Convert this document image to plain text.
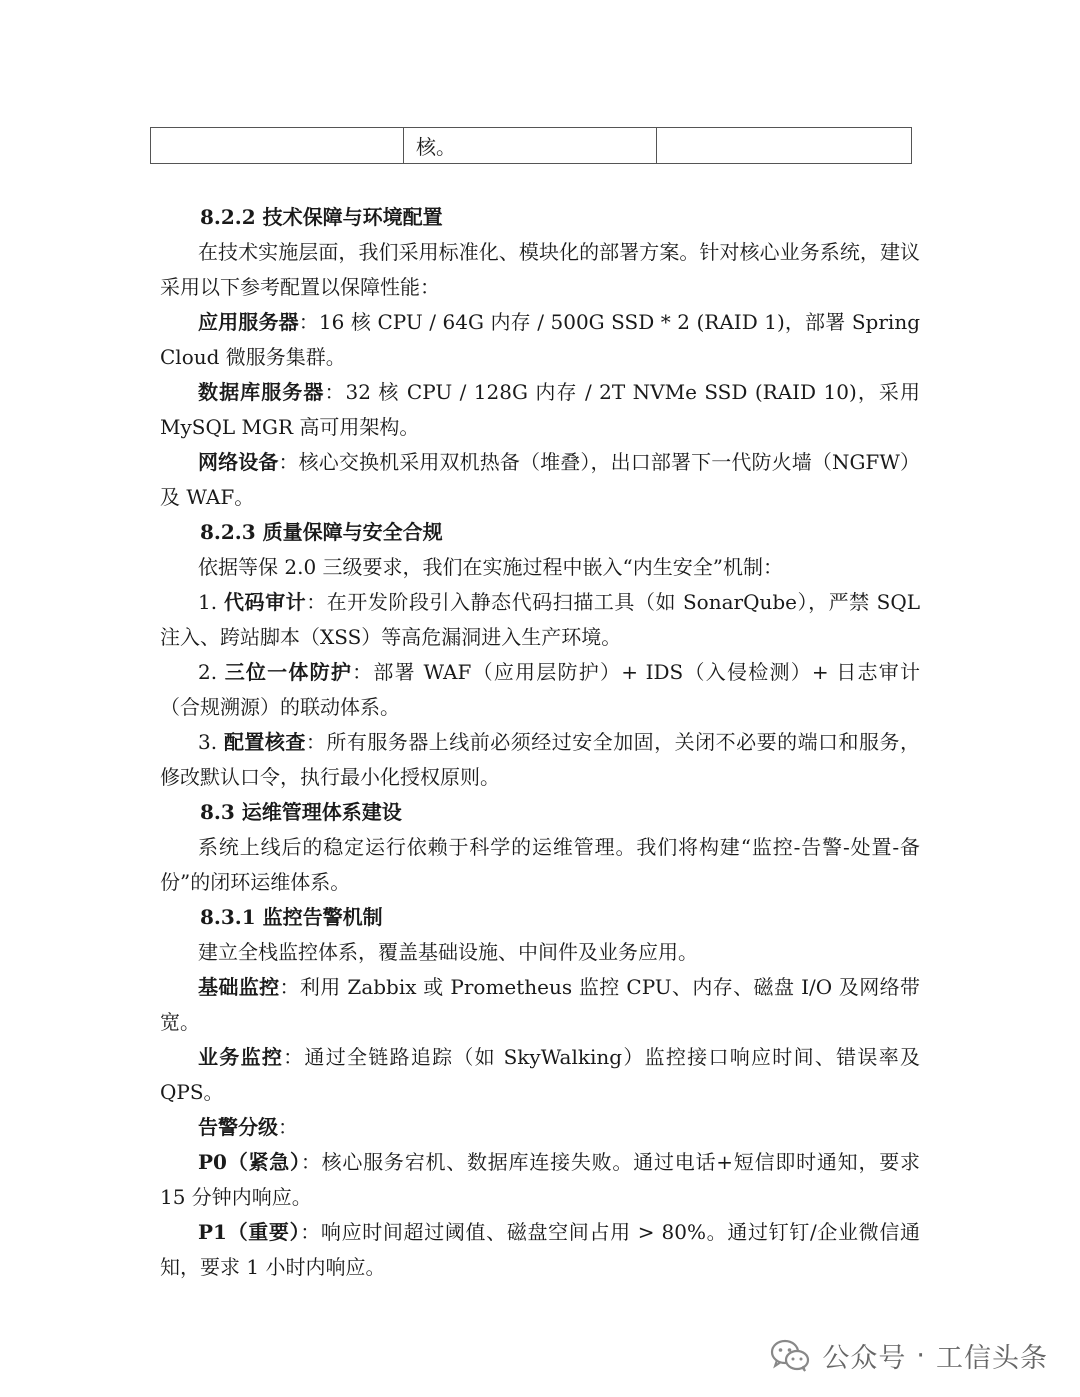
	核。	

8.2.2 技术保障与环境配置

在技术实施层面，我们采用标准化、模块化的部署方案。针对核心业务系统，建议采用以下参考配置以保障性能：

应用服务器：16 核 CPU / 64G 内存 / 500G SSD * 2 (RAID 1)，部署 Spring Cloud 微服务集群。

数据库服务器：32 核 CPU / 128G 内存 / 2T NVMe SSD (RAID 10)，采用 MySQL MGR 高可用架构。

网络设备：核心交换机采用双机热备（堆叠），出口部署下一代防火墙（NGFW）及 WAF。

8.2.3 质量保障与安全合规

依据等保 2.0 三级要求，我们在实施过程中嵌入“内生安全”机制：

1. 代码审计：在开发阶段引入静态代码扫描工具（如 SonarQube），严禁 SQL 注入、跨站脚本（XSS）等高危漏洞进入生产环境。

2. 三位一体防护：部署 WAF（应用层防护）+ IDS（入侵检测）+ 日志审计（合规溯源）的联动体系。

3. 配置核查：所有服务器上线前必须经过安全加固，关闭不必要的端口和服务，修改默认口令，执行最小化授权原则。

8.3 运维管理体系建设

系统上线后的稳定运行依赖于科学的运维管理。我们将构建“监控-告警-处置-备份”的闭环运维体系。

8.3.1 监控告警机制

建立全栈监控体系，覆盖基础设施、中间件及业务应用。

基础监控：利用 Zabbix 或 Prometheus 监控 CPU、内存、磁盘 I/O 及网络带宽。

业务监控：通过全链路追踪（如 SkyWalking）监控接口响应时间、错误率及 QPS。

告警分级：

P0（紧急）：核心服务宕机、数据库连接失败。通过电话+短信即时通知，要求 15 分钟内响应。

P1（重要）：响应时间超过阈值、磁盘空间占用 > 80%。通过钉钉/企业微信通知，要求 1 小时内响应。

公众号 · 工信头条
